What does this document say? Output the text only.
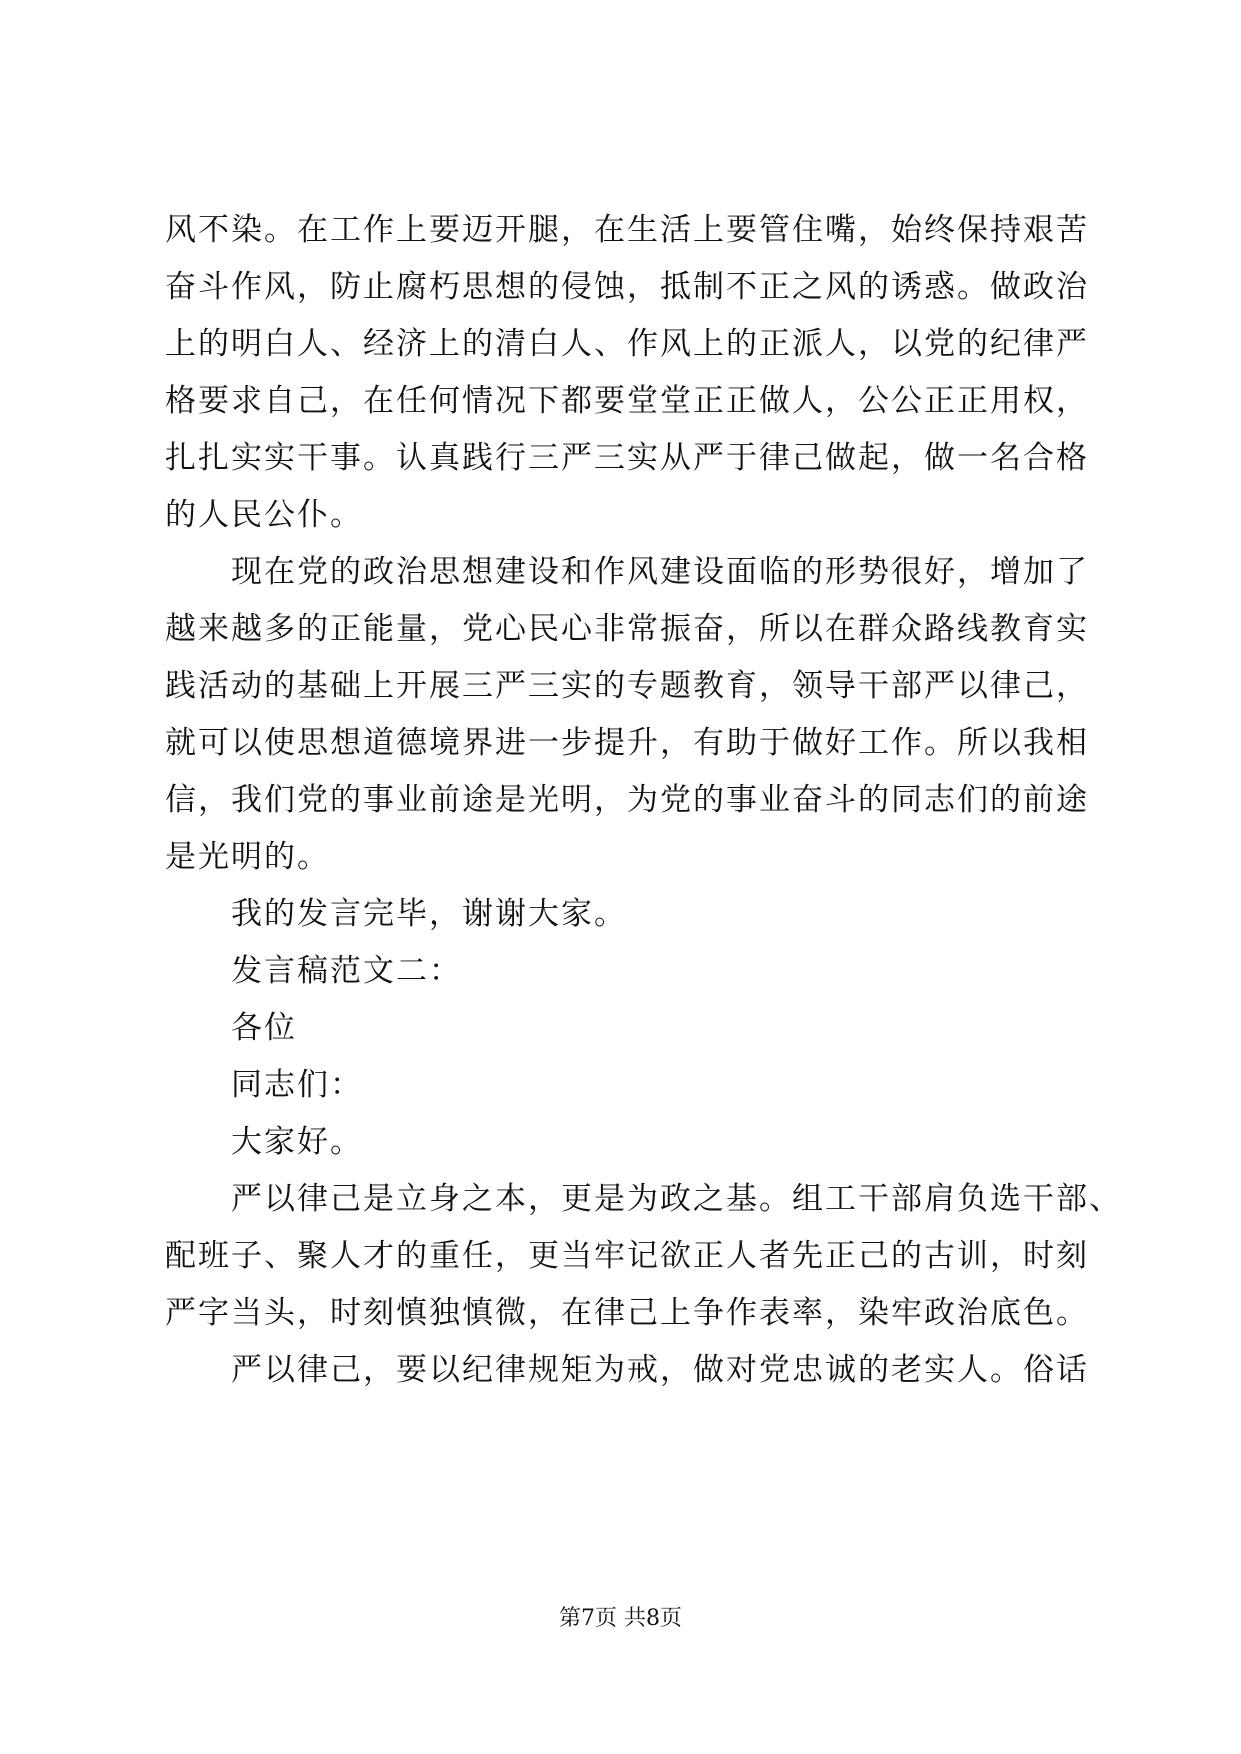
风不染。在工作上要迈开腿，在生活上要管住嘴，始终保持艰苦
奋斗作风，防止腐朽思想的侵蚀，抵制不正之风的诱惑。做政治
上的明白人、经济上的清白人、作风上的正派人，以党的纪律严
格要求自己，在任何情况下都要堂堂正正做人，公公正正用权，
扎扎实实干事。认真践行三严三实从严于律己做起，做一名合格
的人民公仆。
现在党的政治思想建设和作风建设面临的形势很好，增加了
越来越多的正能量，党心民心非常振奋，所以在群众路线教育实
践活动的基础上开展三严三实的专题教育，领导干部严以律己，
就可以使思想道德境界进一步提升，有助于做好工作。所以我相
信，我们党的事业前途是光明，为党的事业奋斗的同志们的前途
是光明的。
我的发言完毕，谢谢大家。
发言稿范文二：
各位
同志们：
大家好。
严以律己是立身之本，更是为政之基。组工干部肩负选干部、
配班子、聚人才的重任，更当牢记欲正人者先正己的古训，时刻
严字当头，时刻慎独慎微，在律己上争作表率，染牢政治底色。
严以律己，要以纪律规矩为戒，做对党忠诚的老实人。俗话
第7页 共8页
